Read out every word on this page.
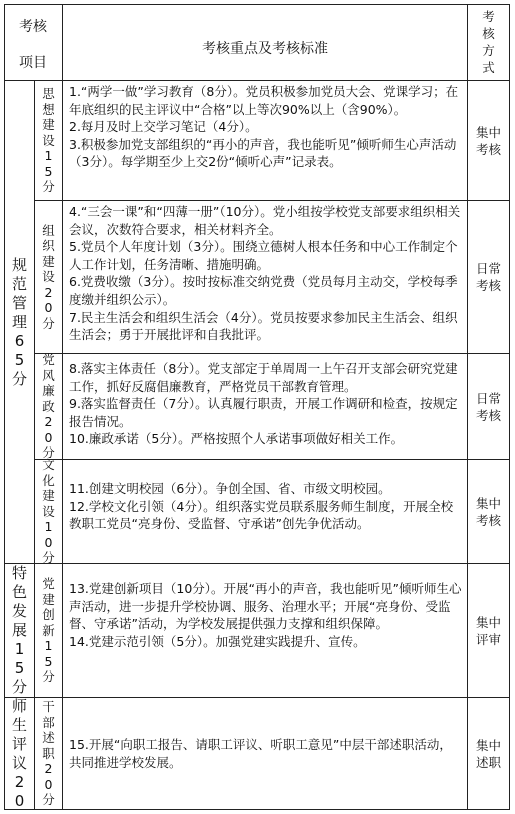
考核
项目
考核重点及考核标准
考
核
方
式
规
范
管
理
6
5
分
特
色
发
展
1
5
分
师
生
评
议
2
0
思
想
建
设
1
5
分
组
织
建
设
2
0
分
党
风
廉
政
2
0
分
文
化
建
设
1
0
分
党
建
创
新
1
5
分
干
部
述
职
2
0
分

1.“两学一做”学习教育（8分）。党员积极参加党员大会、党课学习；在年底组织的民主评议中“合格”以上等次90%以上（含90%）。

2.每月及时上交学习笔记（4分）。

3.积极参加党支部组织的“再小的声音，我也能听见”倾听师生心声活动（3分）。每学期至少上交2份“倾听心声”记录表。

4.“三会一课”和“四薄一册”（10分）。党小组按学校党支部要求组织相关会议，次数符合要求，相关材料齐全。

5.党员个人年度计划（3分）。围绕立德树人根本任务和中心工作制定个人工作计划，任务清晰、措施明确。

6.党费收缴（3分）。按时按标准交纳党费（党员每月主动交，学校每季度缴并组织公示）。

7.民主生活会和组织生活会（4分）。党员按要求参加民主生活会、组织生活会；勇于开展批评和自我批评。

8.落实主体责任（8分）。党支部定于单周周一上午召开支部会研究党建工作，抓好反腐倡廉教育，严格党员干部教育管理。

9.落实监督责任（7分）。认真履行职责，开展工作调研和检查，按规定报告情况。

10.廉政承诺（5分）。严格按照个人承诺事项做好相关工作。

11.创建文明校园（6分）。争创全国、省、市级文明校园。

12.学校文化引领（4分）。组织落实党员联系服务师生制度，开展全校教职工党员“亮身份、受监督、守承诺”创先争优活动。

13.党建创新项目（10分）。开展“再小的声音，我也能听见”倾听师生心声活动，进一步提升学校协调、服务、治理水平；开展“亮身份、受监督、守承诺”活动，为学校发展提供强力支撑和组织保障。

14.党建示范引领（5分）。加强党建实践提升、宣传。

15.开展“向职工报告、请职工评议、听职工意见”中层干部述职活动，共同推进学校发展。

集中考核
日常考核
日常考核
集中考核
集中评审
集中述职
